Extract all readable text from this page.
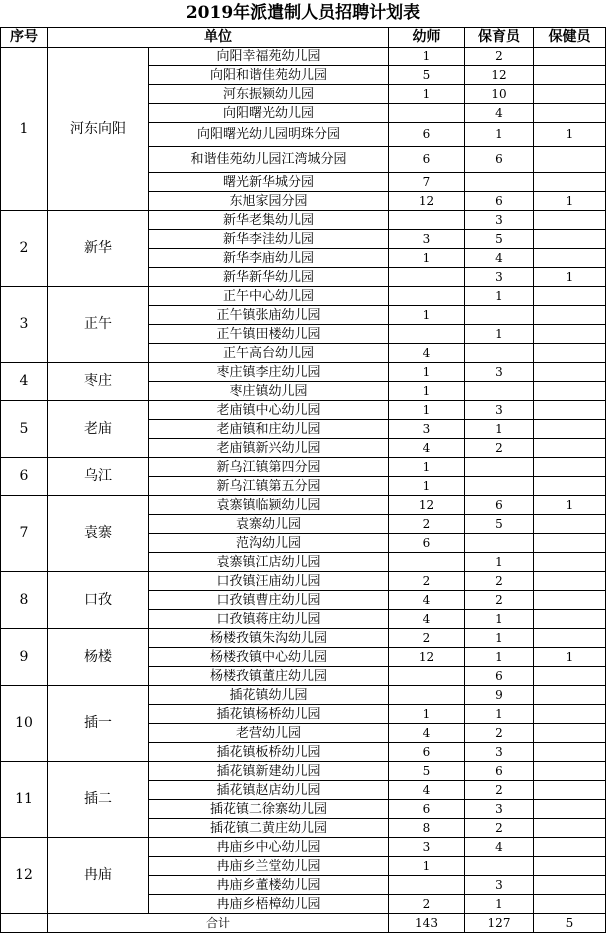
2019年派遣制人员招聘计划表
序号	单位		幼师	保育员	保健员
1	河东向阳	向阳幸福苑幼儿园	1	2	
		向阳和谐佳苑幼儿园	5	12	
		河东振颍幼儿园	1	10	
		向阳曙光幼儿园		4	
		向阳曙光幼儿园明珠分园	6	1	1
		和谐佳苑幼儿园江湾城分园	6	6	
		曙光新华城分园	7		
		东旭家园分园	12	6	1
2	新华	新华老集幼儿园		3	
		新华李洼幼儿园	3	5	
		新华李庙幼儿园	1	4	
		新华新华幼儿园		3	1
3	正午	正午中心幼儿园		1	
		正午镇张庙幼儿园	1		
		正午镇田楼幼儿园		1	
		正午高台幼儿园	4		
4	枣庄	枣庄镇李庄幼儿园	1	3	
		枣庄镇幼儿园	1		
5	老庙	老庙镇中心幼儿园	1	3	
		老庙镇和庄幼儿园	3	1	
		老庙镇新兴幼儿园	4	2	
6	乌江	新乌江镇第四分园	1		
		新乌江镇第五分园	1		
7	袁寨	袁寨镇临颍幼儿园	12	6	1
		袁寨幼儿园	2	5	
		范沟幼儿园	6		
		袁寨镇江店幼儿园		1	
8	口孜	口孜镇汪庙幼儿园	2	2	
		口孜镇曹庄幼儿园	4	2	
		口孜镇蒋庄幼儿园	4	1	
9	杨楼	杨楼孜镇朱沟幼儿园	2	1	
		杨楼孜镇中心幼儿园	12	1	1
		杨楼孜镇董庄幼儿园		6	
10	插一	插花镇幼儿园		9	
		插花镇杨桥幼儿园	1	1	
		老营幼儿园	4	2	
		插花镇板桥幼儿园	6	3	
11	插二	插花镇新建幼儿园	5	6	
		插花镇赵店幼儿园	4	2	
		插花镇二徐寨幼儿园	6	3	
		插花镇二黄庄幼儿园	8	2	
12	冉庙	冉庙乡中心幼儿园	3	4	
		冉庙乡兰堂幼儿园	1		
		冉庙乡董楼幼儿园		3	
		冉庙乡梧樟幼儿园	2	1	
	合计		143	127	5
